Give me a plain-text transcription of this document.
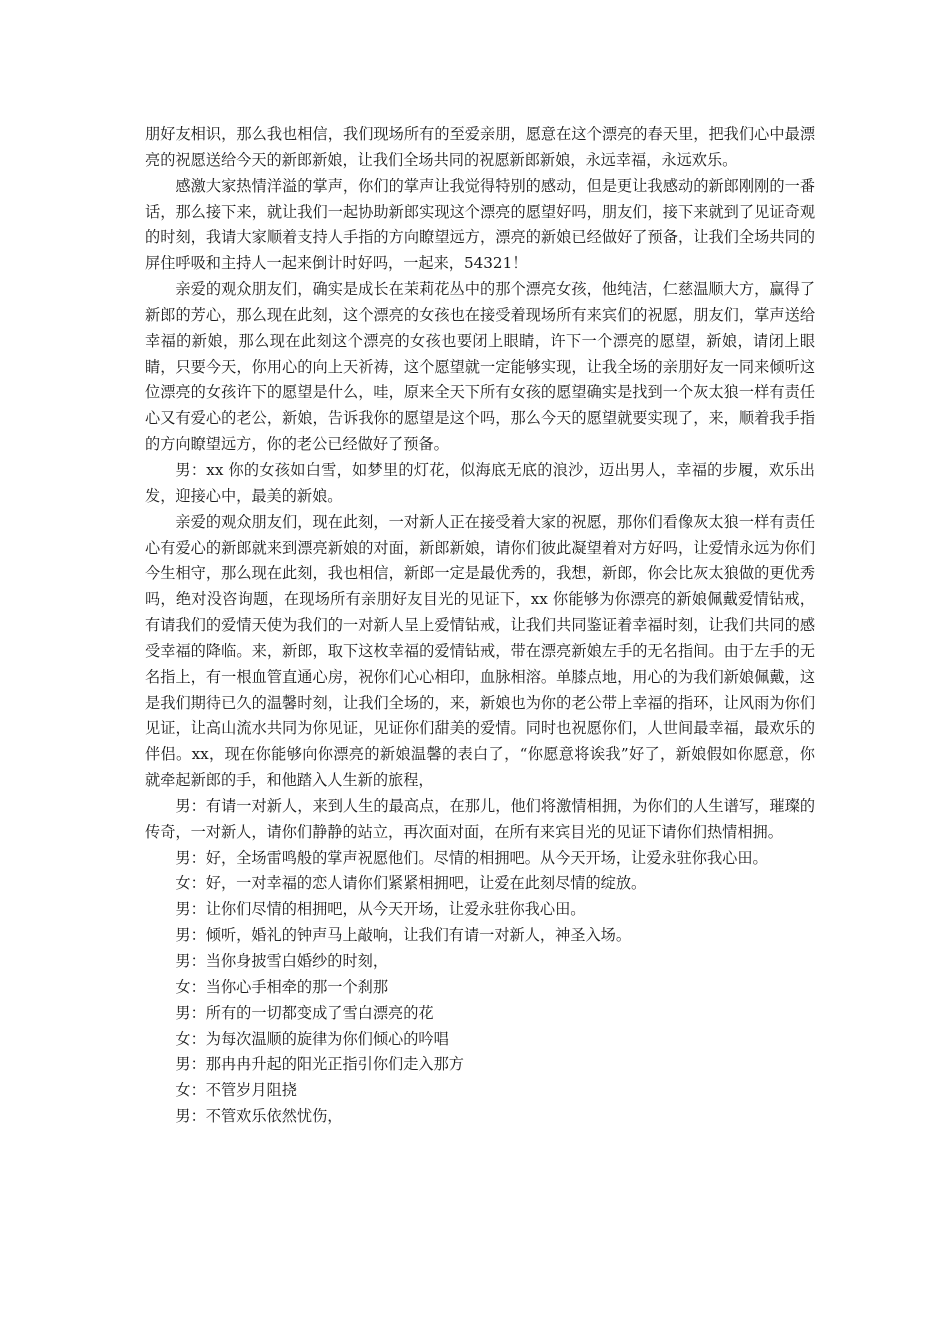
朋好友相识，那么我也相信，我们现场所有的至爱亲朋，愿意在这个漂亮的春天里，把我们心中最漂亮的祝愿送给今天的新郎新娘，让我们全场共同的祝愿新郎新娘，永远幸福，永远欢乐。

感激大家热情洋溢的掌声，你们的掌声让我觉得特别的感动，但是更让我感动的新郎刚刚的一番话，那么接下来，就让我们一起协助新郎实现这个漂亮的愿望好吗，朋友们，接下来就到了见证奇观的时刻，我请大家顺着支持人手指的方向瞭望远方，漂亮的新娘已经做好了预备，让我们全场共同的屏住呼吸和主持人一起来倒计时好吗，一起来，54321！

亲爱的观众朋友们，确实是成长在茉莉花丛中的那个漂亮女孩，他纯洁，仁慈温顺大方，赢得了新郎的芳心，那么现在此刻，这个漂亮的女孩也在接受着现场所有来宾们的祝愿，朋友们，掌声送给幸福的新娘，那么现在此刻这个漂亮的女孩也要闭上眼睛，许下一个漂亮的愿望，新娘，请闭上眼睛，只要今天，你用心的向上天祈祷，这个愿望就一定能够实现，让我全场的亲朋好友一同来倾听这位漂亮的女孩许下的愿望是什么，哇，原来全天下所有女孩的愿望确实是找到一个灰太狼一样有责任心又有爱心的老公，新娘，告诉我你的愿望是这个吗，那么今天的愿望就要实现了，来，顺着我手指的方向瞭望远方，你的老公已经做好了预备。

男：xx 你的女孩如白雪，如梦里的灯花，似海底无底的浪沙，迈出男人，幸福的步履，欢乐出发，迎接心中，最美的新娘。

亲爱的观众朋友们，现在此刻，一对新人正在接受着大家的祝愿，那你们看像灰太狼一样有责任心有爱心的新郎就来到漂亮新娘的对面，新郎新娘，请你们彼此凝望着对方好吗，让爱情永远为你们今生相守，那么现在此刻，我也相信，新郎一定是最优秀的，我想，新郎，你会比灰太狼做的更优秀吗，绝对没咨询题，在现场所有亲朋好友目光的见证下，xx 你能够为你漂亮的新娘佩戴爱情钻戒，有请我们的爱情天使为我们的一对新人呈上爱情钻戒，让我们共同鉴证着幸福时刻，让我们共同的感受幸福的降临。来，新郎，取下这枚幸福的爱情钻戒，带在漂亮新娘左手的无名指间。由于左手的无名指上，有一根血管直通心房，祝你们心心相印，血脉相溶。单膝点地，用心的为我们新娘佩戴，这是我们期待已久的温馨时刻，让我们全场的，来，新娘也为你的老公带上幸福的指环，让风雨为你们见证，让高山流水共同为你见证，见证你们甜美的爱情。同时也祝愿你们，人世间最幸福，最欢乐的伴侣。xx，现在你能够向你漂亮的新娘温馨的表白了，“你愿意将诶我”好了，新娘假如你愿意，你就牵起新郎的手，和他踏入人生新的旅程，

男：有请一对新人，来到人生的最高点，在那儿，他们将激情相拥，为你们的人生谱写，璀璨的传奇，一对新人，请你们静静的站立，再次面对面，在所有来宾目光的见证下请你们热情相拥。

男：好，全场雷鸣般的掌声祝愿他们。尽情的相拥吧。从今天开场，让爱永驻你我心田。

女：好，一对幸福的恋人请你们紧紧相拥吧，让爱在此刻尽情的绽放。

男：让你们尽情的相拥吧，从今天开场，让爱永驻你我心田。

男：倾听，婚礼的钟声马上敲响，让我们有请一对新人，神圣入场。

男：当你身披雪白婚纱的时刻，

女：当你心手相牵的那一个刹那

男：所有的一切都变成了雪白漂亮的花

女：为每次温顺的旋律为你们倾心的吟唱

男：那冉冉升起的阳光正指引你们走入那方

女：不管岁月阻挠

男：不管欢乐依然忧伤，
